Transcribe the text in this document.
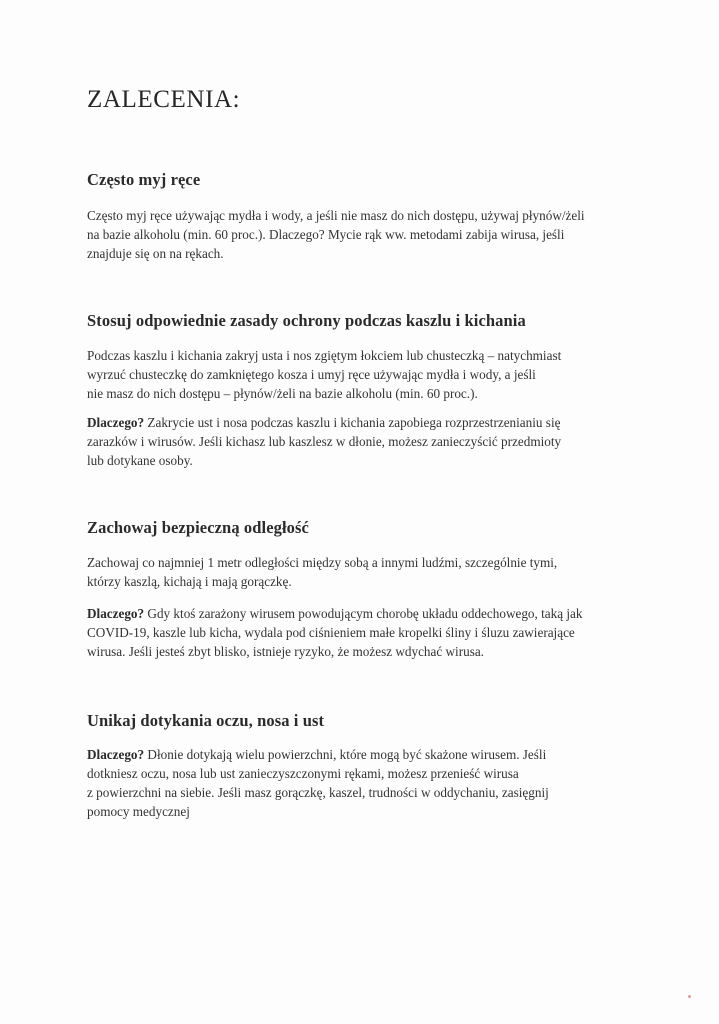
ZALECENIA:
Często myj ręce

Często myj ręce używając mydła i wody, a jeśli nie masz do nich dostępu, używaj płynów/żeli
na bazie alkoholu (min. 60 proc.). Dlaczego? Mycie rąk ww. metodami zabija wirusa, jeśli
znajduje się on na rękach.

Stosuj odpowiednie zasady ochrony podczas kaszlu i kichania

Podczas kaszlu i kichania zakryj usta i nos zgiętym łokciem lub chusteczką – natychmiast
wyrzuć chusteczkę do zamkniętego kosza i umyj ręce używając mydła i wody, a jeśli
nie masz do nich dostępu – płynów/żeli na bazie alkoholu (min. 60 proc.).

Dlaczego? Zakrycie ust i nosa podczas kaszlu i kichania zapobiega rozprzestrzenianiu się
zarazków i wirusów. Jeśli kichasz lub kaszlesz w dłonie, możesz zanieczyścić przedmioty
lub dotykane osoby.

Zachowaj bezpieczną odległość

Zachowaj co najmniej 1 metr odległości między sobą a innymi ludźmi, szczególnie tymi,
którzy kaszlą, kichają i mają gorączkę.

Dlaczego? Gdy ktoś zarażony wirusem powodującym chorobę układu oddechowego, taką jak
COVID-19, kaszle lub kicha, wydala pod ciśnieniem małe kropelki śliny i śluzu zawierające
wirusa. Jeśli jesteś zbyt blisko, istnieje ryzyko, że możesz wdychać wirusa.

Unikaj dotykania oczu, nosa i ust

Dlaczego? Dłonie dotykają wielu powierzchni, które mogą być skażone wirusem. Jeśli
dotkniesz oczu, nosa lub ust zanieczyszczonymi rękami, możesz przenieść wirusa
z powierzchni na siebie. Jeśli masz gorączkę, kaszel, trudności w oddychaniu, zasięgnij
pomocy medycznej
